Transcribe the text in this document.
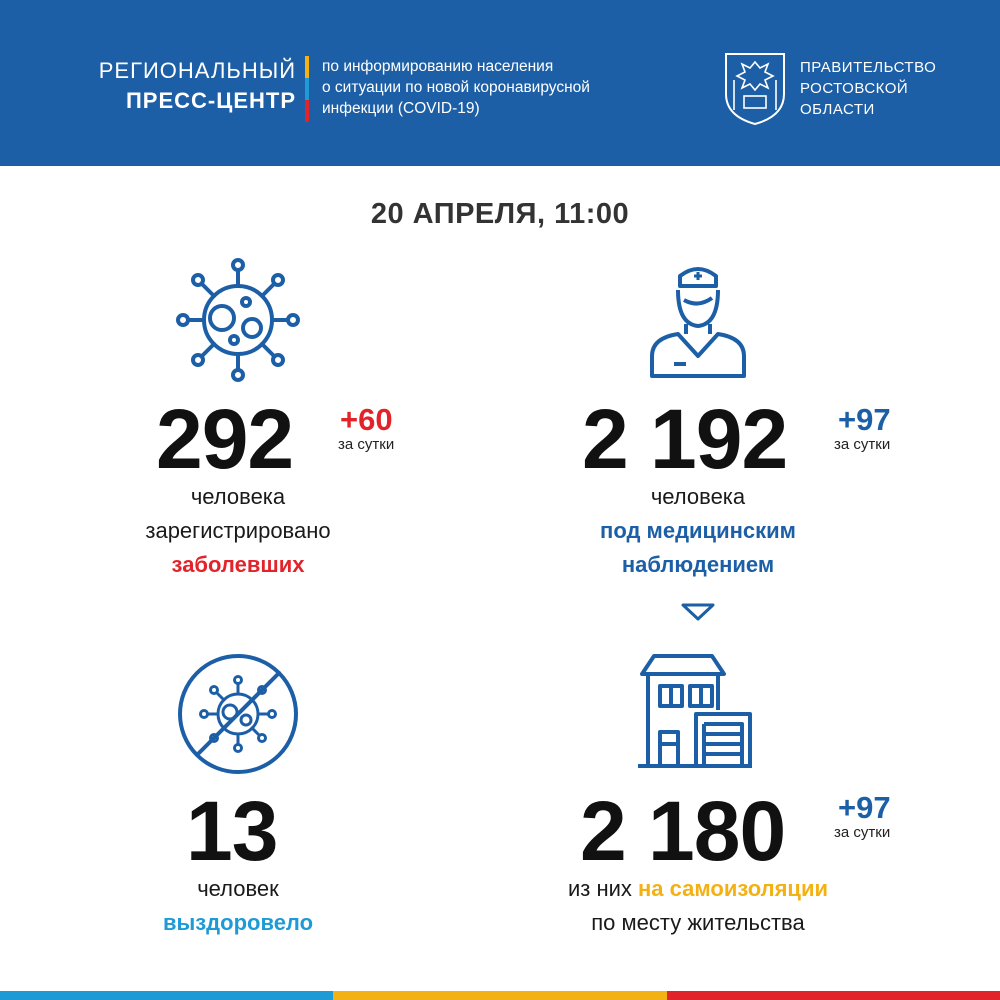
РЕГИОНАЛЬНЫЙ
ПРЕСС-ЦЕНТР
по информированию населения
о ситуации по новой коронавирусной
инфекции (COVID-19)
ПРАВИТЕЛЬСТВО
РОСТОВСКОЙ
ОБЛАСТИ
20 АПРЕЛЯ, 11:00
292 +60
за сутки
человека
зарегистрировано
заболевших
2 192 +97
за сутки
человека
под медицинским
наблюдением
13
человек
выздоровело
2 180 +97
за сутки
из них на самоизоляции
по месту жительства
